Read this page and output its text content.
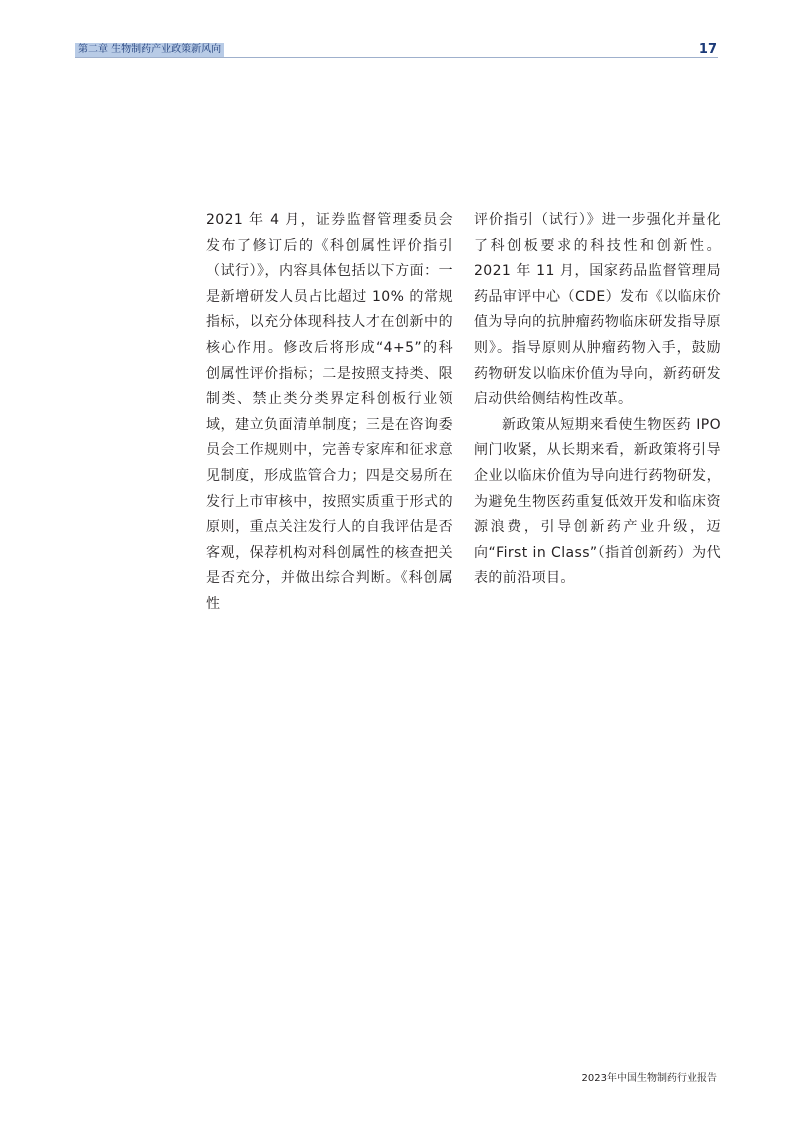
第二章 生物制药产业政策新风向	17

2021 年 4 月，证券监督管理委员会发布了修订后的《科创属性评价指引（试行）》，内容具体包括以下方面：一是新增研发人员占比超过 10% 的常规指标，以充分体现科技人才在创新中的核心作用。修改后将形成“4+5”的科创属性评价指标；二是按照支持类、限制类、禁止类分类界定科创板行业领域，建立负面清单制度；三是在咨询委员会工作规则中，完善专家库和征求意见制度，形成监管合力；四是交易所在发行上市审核中，按照实质重于形式的原则，重点关注发行人的自我评估是否客观，保荐机构对科创属性的核查把关是否充分，并做出综合判断。《科创属性

评价指引（试行）》进一步强化并量化了科创板要求的科技性和创新性。2021 年 11 月，国家药品监督管理局药品审评中心（CDE）发布《以临床价值为导向的抗肿瘤药物临床研发指导原则》。指导原则从肿瘤药物入手，鼓励药物研发以临床价值为导向，新药研发启动供给侧结构性改革。

新政策从短期来看使生物医药 IPO 闸门收紧，从长期来看，新政策将引导企业以临床价值为导向进行药物研发，为避免生物医药重复低效开发和临床资源浪费，引导创新药产业升级，迈向“First in Class”（指首创新药）为代表的前沿项目。

2023年中国生物制药行业报告
